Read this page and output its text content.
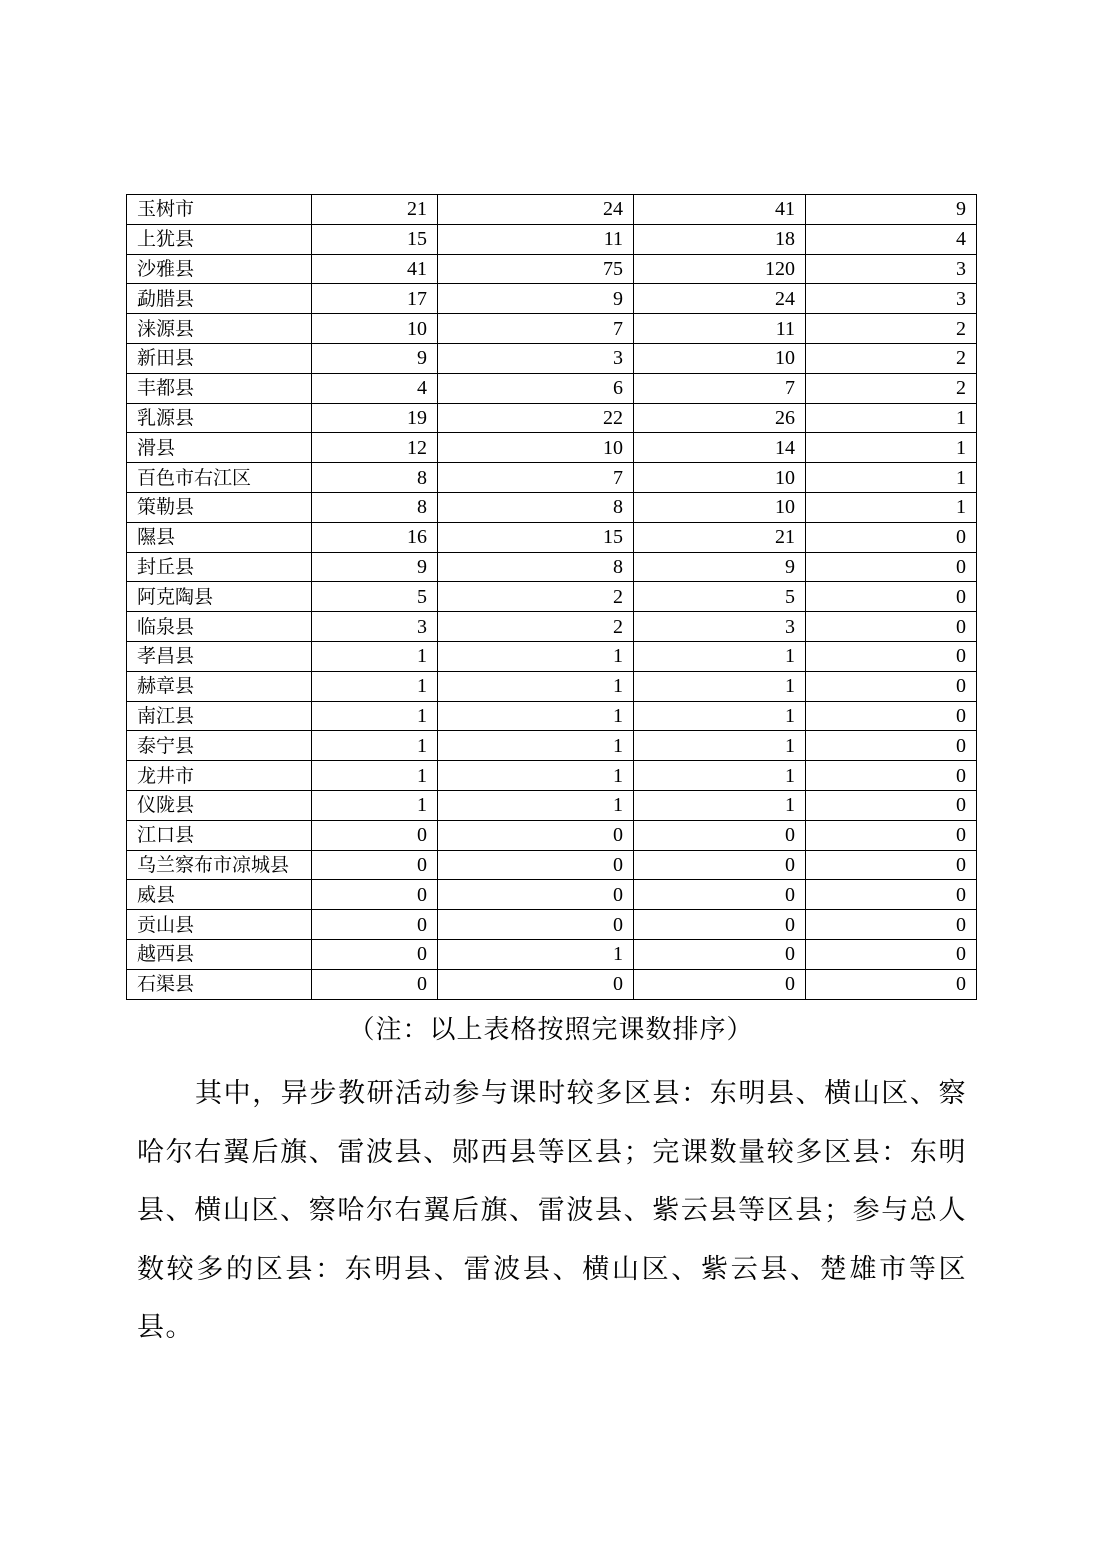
玉树市	21	24	41	9
上犹县	15	11	18	4
沙雅县	41	75	120	3
勐腊县	17	9	24	3
涞源县	10	7	11	2
新田县	9	3	10	2
丰都县	4	6	7	2
乳源县	19	22	26	1
滑县	12	10	14	1
百色市右江区	8	7	10	1
策勒县	8	8	10	1
隰县	16	15	21	0
封丘县	9	8	9	0
阿克陶县	5	2	5	0
临泉县	3	2	3	0
孝昌县	1	1	1	0
赫章县	1	1	1	0
南江县	1	1	1	0
泰宁县	1	1	1	0
龙井市	1	1	1	0
仪陇县	1	1	1	0
江口县	0	0	0	0
乌兰察布市凉城县	0	0	0	0
威县	0	0	0	0
贡山县	0	0	0	0
越西县	0	1	0	0
石渠县	0	0	0	0
（注：以上表格按照完课数排序）

其中，异步教研活动参与课时较多区县：东明县、横山区、察哈尔右翼后旗、雷波县、郧西县等区县；完课数量较多区县：东明县、横山区、察哈尔右翼后旗、雷波县、紫云县等区县；参与总人数较多的区县：东明县、雷波县、横山区、紫云县、楚雄市等区县。
